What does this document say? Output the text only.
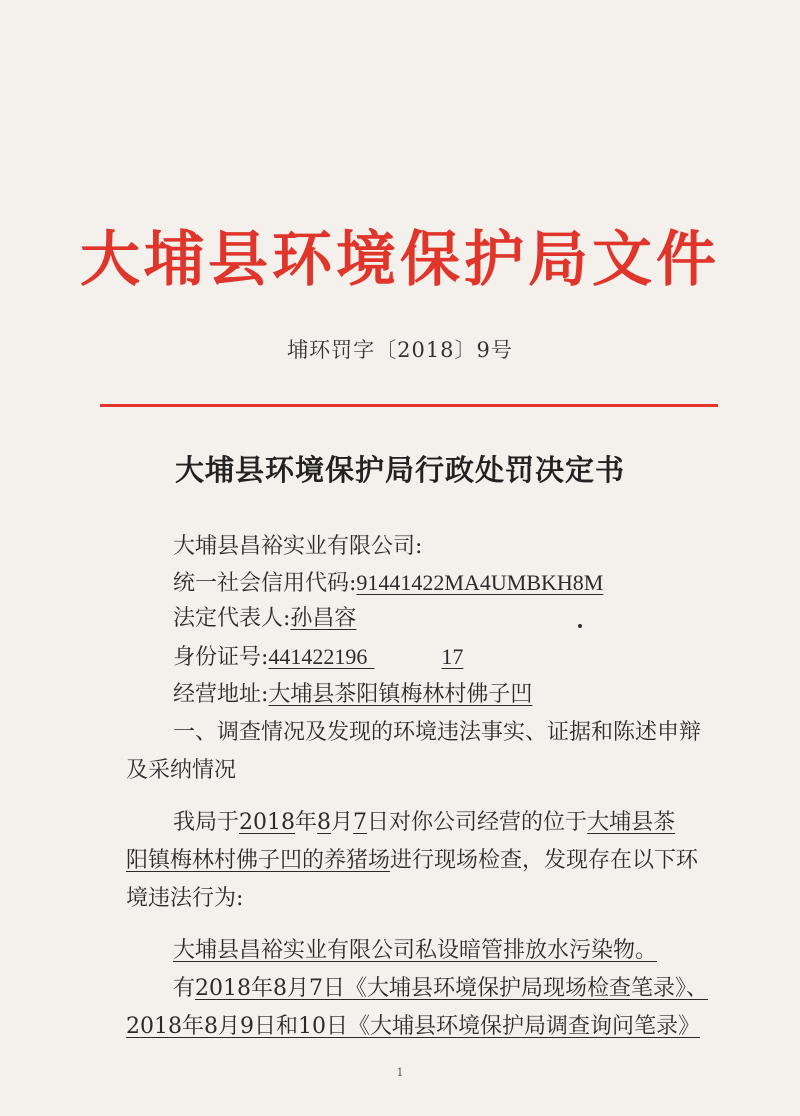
大埔县环境保护局文件
埔环罚字〔2018〕9号
大埔县环境保护局行政处罚决定书
大埔县昌裕实业有限公司:
统一社会信用代码:91441422MA4UMBKH8M
法定代表人:孙昌容
身份证号:441422196	17
经营地址:大埔县茶阳镇梅林村佛子凹
一、调查情况及发现的环境违法事实、证据和陈述申辩
及采纳情况
我局于2018年8月7日对你公司经营的位于大埔县茶
阳镇梅林村佛子凹的养猪场进行现场检查，发现存在以下环
境违法行为:
大埔县昌裕实业有限公司私设暗管排放水污染物。
有2018年8月7日《大埔县环境保护局现场检查笔录》、
2018年8月9日和10日《大埔县环境保护局调查询问笔录》
1
